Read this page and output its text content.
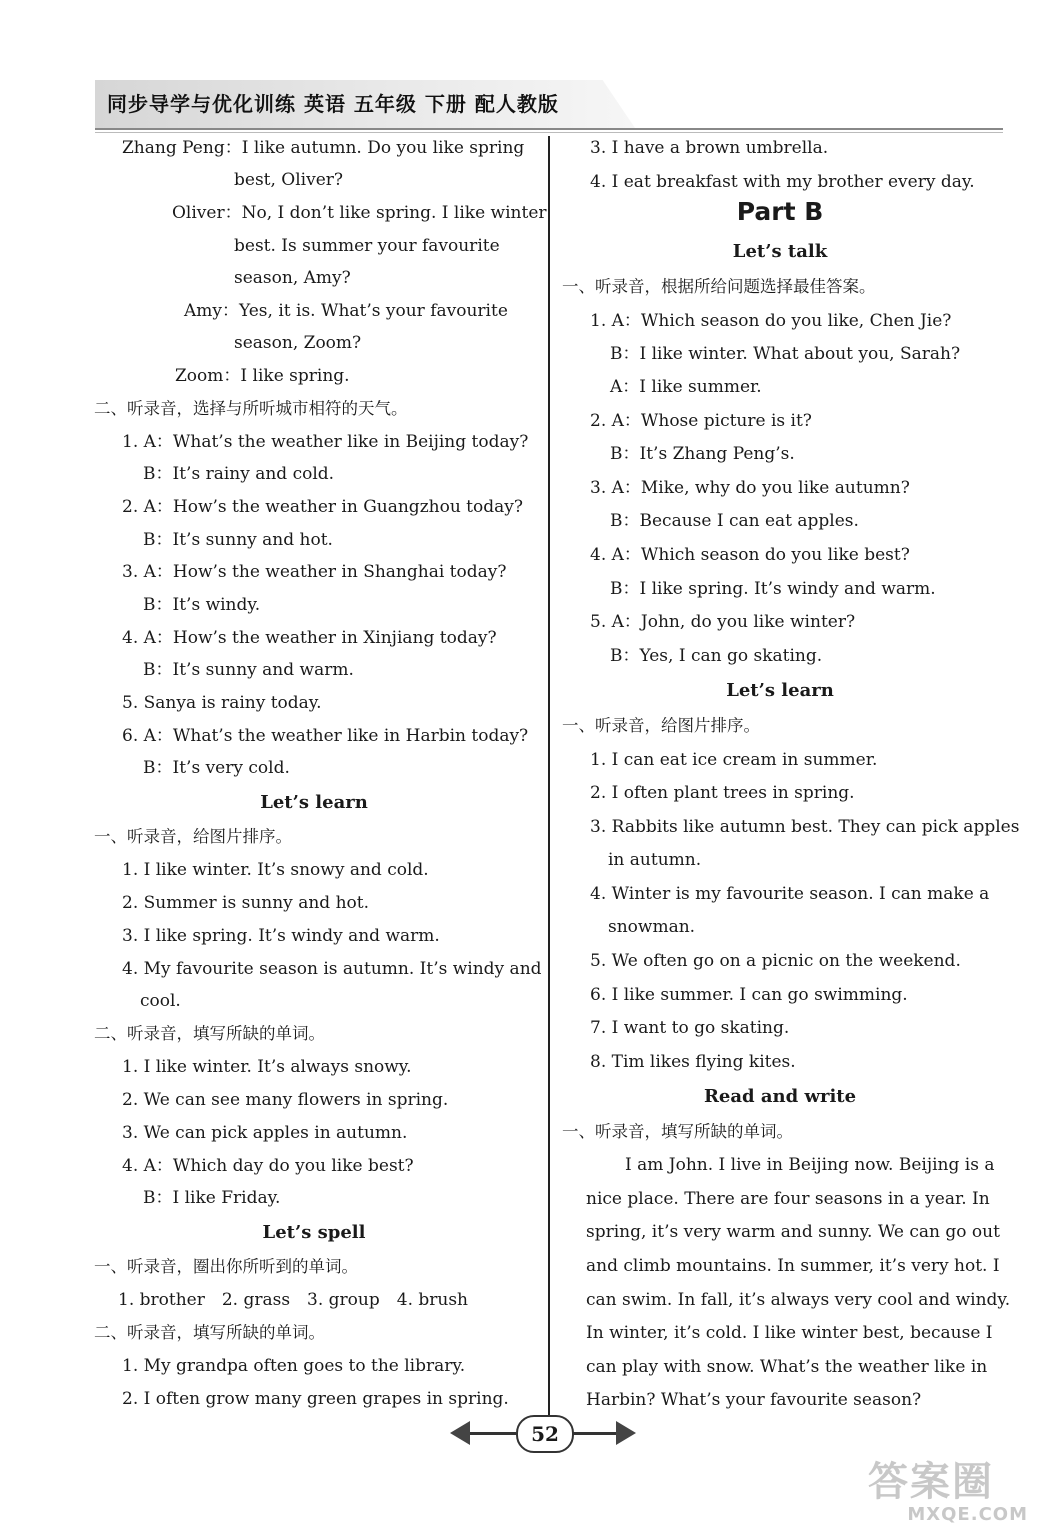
同步导学与优化训练 英语 五年级 下册 配人教版
Zhang Peng：I like autumn. Do you like spring
best, Oliver?
Oliver：No, I don’t like spring. I like winter
best. Is summer your favourite
season, Amy?
Amy：Yes, it is. What’s your favourite
season, Zoom?
Zoom：I like spring.
二、听录音，选择与所听城市相符的天气。
1. A：What’s the weather like in Beijing today?
B：It’s rainy and cold.
2. A：How’s the weather in Guangzhou today?
B：It’s sunny and hot.
3. A：How’s the weather in Shanghai today?
B：It’s windy.
4. A：How’s the weather in Xinjiang today?
B：It’s sunny and warm.
5. Sanya is rainy today.
6. A：What’s the weather like in Harbin today?
B：It’s very cold.
Let’s learn
一、听录音，给图片排序。
1. I like winter. It’s snowy and cold.
2. Summer is sunny and hot.
3. I like spring. It’s windy and warm.
4. My favourite season is autumn. It’s windy and
cool.
二、听录音，填写所缺的单词。
1. I like winter. It’s always snowy.
2. We can see many flowers in spring.
3. We can pick apples in autumn.
4. A：Which day do you like best?
B：I like Friday.
Let’s spell
一、听录音，圈出你所听到的单词。
1. brother　2. grass　3. group　4. brush
二、听录音，填写所缺的单词。
1. My grandpa often goes to the library.
2. I often grow many green grapes in spring.
3. I have a brown umbrella.
4. I eat breakfast with my brother every day.
Part B
Let’s talk
一、听录音，根据所给问题选择最佳答案。
1. A：Which season do you like, Chen Jie?
B：I like winter. What about you, Sarah?
A：I like summer.
2. A：Whose picture is it?
B：It’s Zhang Peng’s.
3. A：Mike, why do you like autumn?
B：Because I can eat apples.
4. A：Which season do you like best?
B：I like spring. It’s windy and warm.
5. A：John, do you like winter?
B：Yes, I can go skating.
Let’s learn
一、听录音，给图片排序。
1. I can eat ice cream in summer.
2. I often plant trees in spring.
3. Rabbits like autumn best. They can pick apples
in autumn.
4. Winter is my favourite season. I can make a
snowman.
5. We often go on a picnic on the weekend.
6. I like summer. I can go swimming.
7. I want to go skating.
8. Tim likes flying kites.
Read and write
一、听录音，填写所缺的单词。
I am John. I live in Beijing now. Beijing is a
nice place. There are four seasons in a year. In
spring, it’s very warm and sunny. We can go out
and climb mountains. In summer, it’s very hot. I
can swim. In fall, it’s always very cool and windy.
In winter, it’s cold. I like winter best, because I
can play with snow. What’s the weather like in
Harbin? What’s your favourite season?
52
答案圈
MXQE.COM
